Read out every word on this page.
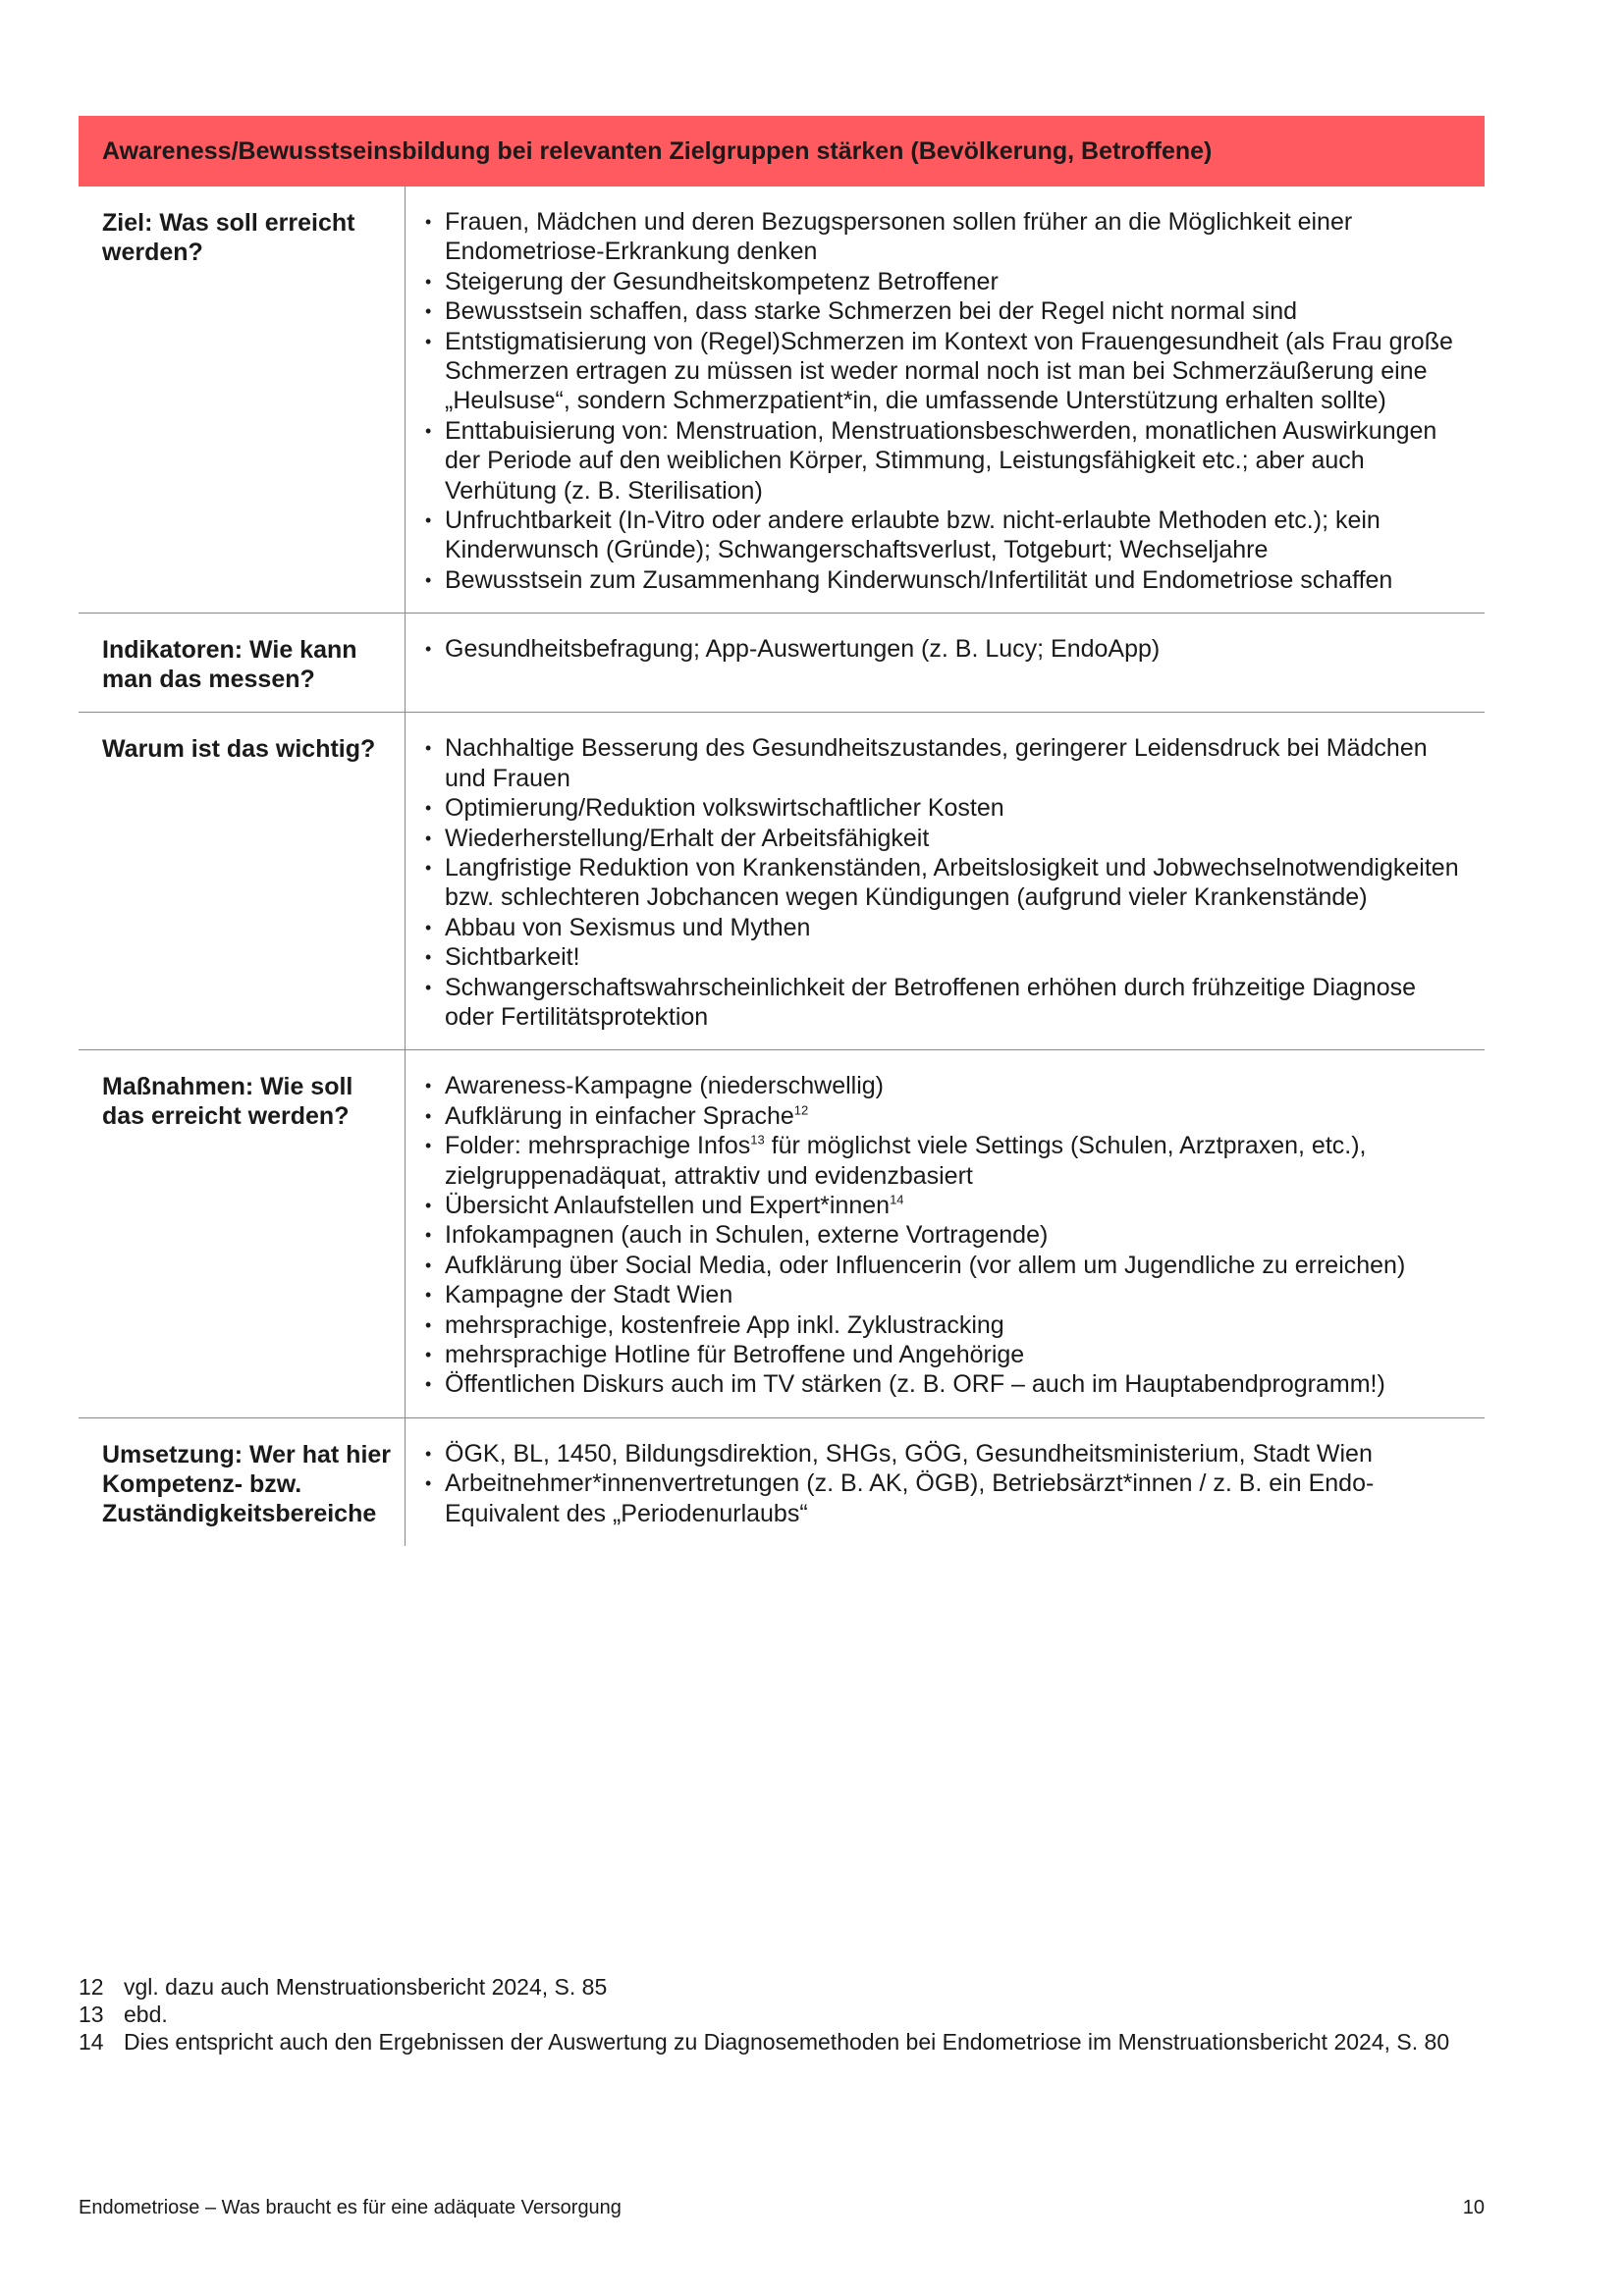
Awareness/Bewusstseinsbildung bei relevanten Zielgruppen stärken (Bevölkerung, Betroffene)
Ziel: Was soll erreicht werden?
• Frauen, Mädchen und deren Bezugspersonen sollen früher an die Möglichkeit einer Endometriose-Erkrankung denken
• Steigerung der Gesundheitskompetenz Betroffener
• Bewusstsein schaffen, dass starke Schmerzen bei der Regel nicht normal sind
• Entstigmatisierung von (Regel)Schmerzen im Kontext von Frauengesundheit (als Frau große Schmerzen ertragen zu müssen ist weder normal noch ist man bei Schmerzäußerung eine „Heulsuse“, sondern Schmerzpatient*in, die umfassende Unterstützung erhalten sollte)
• Enttabuisierung von: Menstruation, Menstruationsbeschwerden, monatlichen Auswirkungen der Periode auf den weiblichen Körper, Stimmung, Leistungsfähigkeit etc.; aber auch Verhütung (z. B. Sterilisation)
• Unfruchtbarkeit (In-Vitro oder andere erlaubte bzw. nicht-erlaubte Methoden etc.); kein Kinderwunsch (Gründe); Schwangerschaftsverlust, Totgeburt; Wechseljahre
• Bewusstsein zum Zusammenhang Kinderwunsch/Infertilität und Endometriose schaffen
Indikatoren: Wie kann man das messen?
• Gesundheitsbefragung; App-Auswertungen (z. B. Lucy; EndoApp)
Warum ist das wichtig?	• Nachhaltige Besserung des Gesundheitszustandes, geringerer Leidensdruck bei Mädchen und Frauen
• Optimierung/Reduktion volkswirtschaftlicher Kosten
• Wiederherstellung/Erhalt der Arbeitsfähigkeit
• Langfristige Reduktion von Krankenständen, Arbeitslosigkeit und Jobwechselnotwendigkeiten bzw. schlechteren Jobchancen wegen Kündigungen (aufgrund vieler Krankenstände)
• Abbau von Sexismus und Mythen
• Sichtbarkeit!
• Schwangerschaftswahrscheinlichkeit der Betroffenen erhöhen durch frühzeitige Diagnose oder Fertilitätsprotektion
Maßnahmen: Wie soll das erreicht werden?
• Awareness-Kampagne (niederschwellig)
• Aufklärung in einfacher Sprache$^{12}$
• Folder: mehrsprachige Infos$^{13}$ für möglichst viele Settings (Schulen, Arztpraxen, etc.), zielgruppenadäquat, attraktiv und evidenzbasiert
• Übersicht Anlaufstellen und Expert*innen$^{14}$
• Infokampagnen (auch in Schulen, externe Vortragende)
• Aufklärung über Social Media, oder Influencerin (vor allem um Jugendliche zu erreichen)
• Kampagne der Stadt Wien
• mehrsprachige, kostenfreie App inkl. Zyklustracking
• mehrsprachige Hotline für Betroffene und Angehörige
• Öffentlichen Diskurs auch im TV stärken (z. B. ORF – auch im Hauptabendprogramm!)
Umsetzung: Wer hat hier Kompetenz- bzw. Zuständigkeitsbereiche
• ÖGK, BL, 1450, Bildungsdirektion, SHGs, GÖG, Gesundheitsministerium, Stadt Wien
• Arbeitnehmer*innenvertretungen (z. B. AK, ÖGB), Betriebsärzt*innen / z. B. ein Endo-Equivalent des „Periodenurlaubs“
12 vgl. dazu auch Menstruationsbericht 2024, S. 85
13 ebd.
14 Dies entspricht auch den Ergebnissen der Auswertung zu Diagnosemethoden bei Endometriose im Menstruationsbericht 2024, S. 80
Endometriose – Was braucht es für eine adäquate Versorgung	10
